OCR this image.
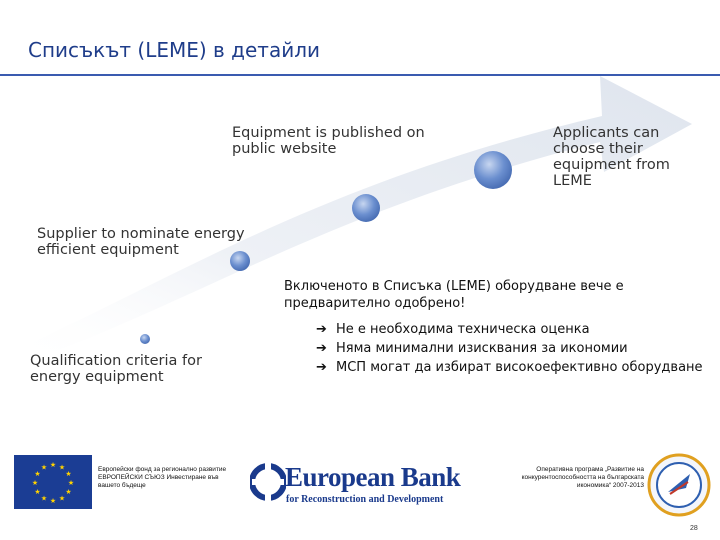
Списъкът (LEME) в детайли
Qualification criteria for energy equipment
Supplier to nominate energy efficient equipment
Equipment is published on public website
Applicants can choose their equipment from LEME
Включеното в Списъка (LEME) оборудване вече е предварително одобрено!
➔ Не е необходима техническа оценка
➔ Няма минимални изисквания за икономии
➔ МСП могат да избират високоефективно оборудване
★ ★
★
★
★
★
★
★
★
★
★
★	Европейски фонд за регионално развитие ЕВРОПЕЙСКИ СЪЮЗ Инвестиране във вашето бъдеще	European Bank
for Reconstruction and Development
Оперативна програма „Развитие на конкурентоспособността на българската икономика“ 2007-2013
28
